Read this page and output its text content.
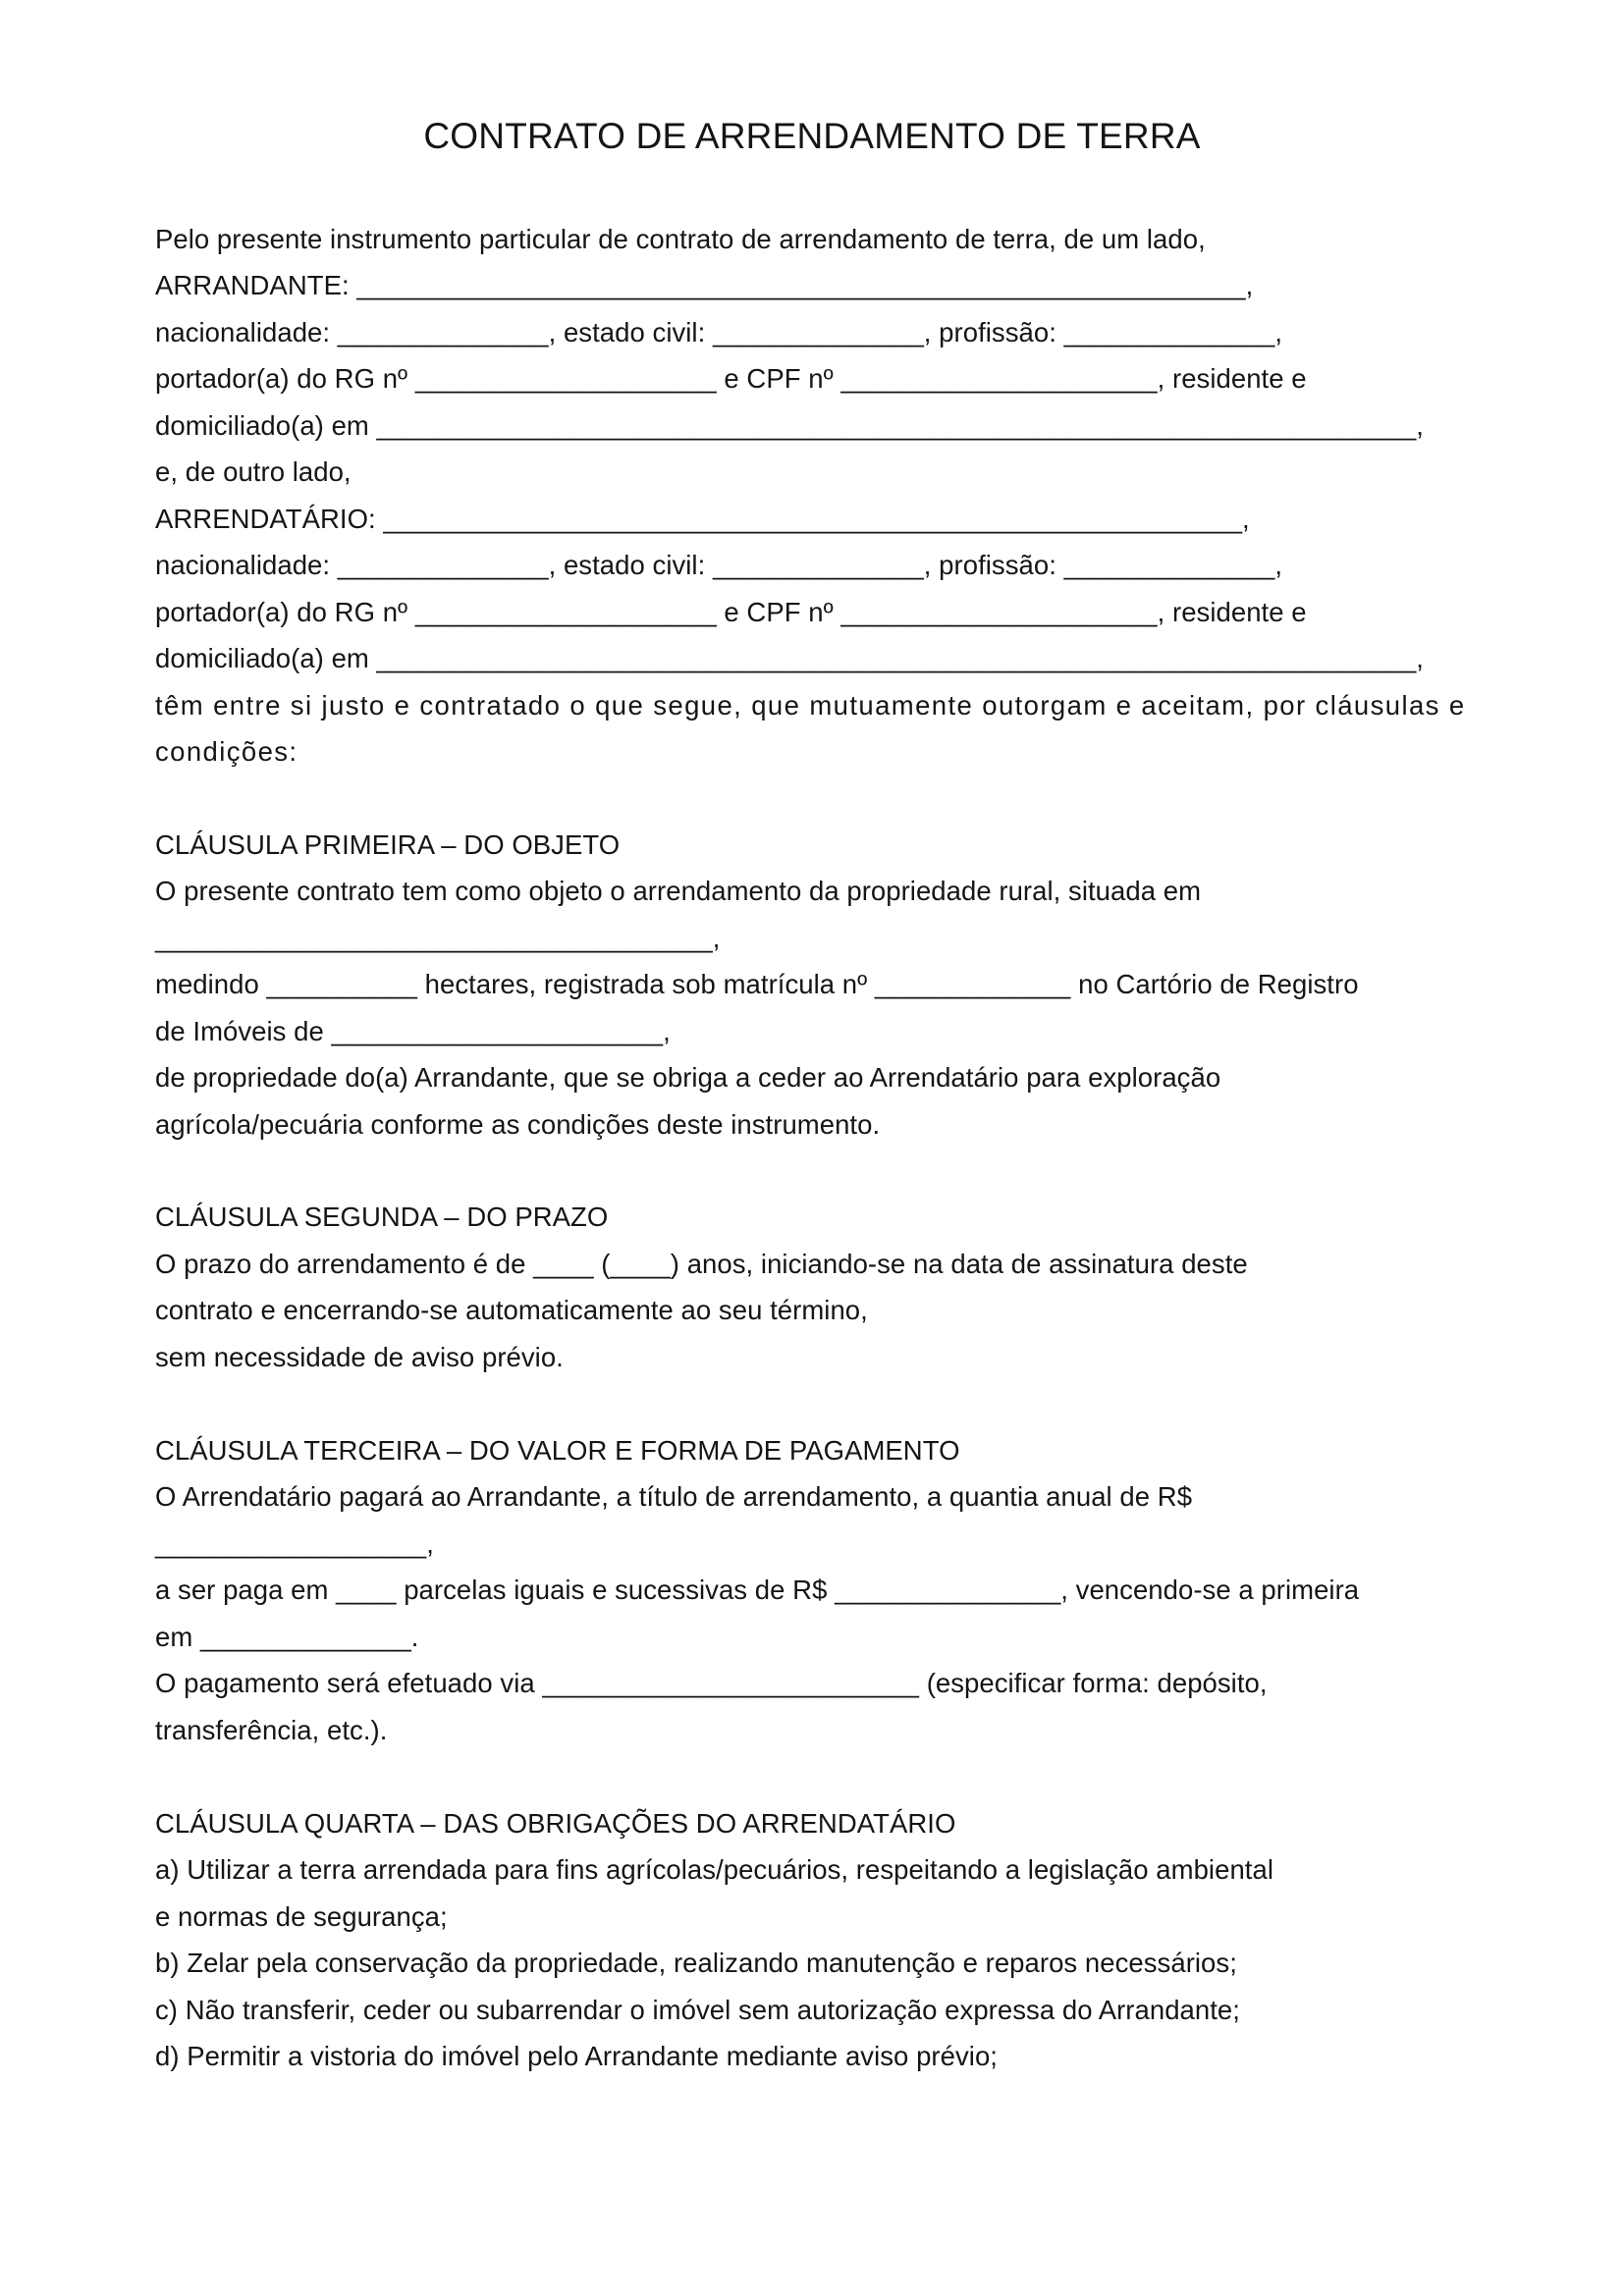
CONTRATO DE ARRENDAMENTO DE TERRA
Pelo presente instrumento particular de contrato de arrendamento de terra, de um lado,
ARRANDANTE: ___________________________________________________________,
nacionalidade: ______________, estado civil: ______________, profissão: ______________,
portador(a) do RG nº ____________________ e CPF nº _____________________, residente e
domiciliado(a) em _____________________________________________________________________,
e, de outro lado,
ARRENDATÁRIO: _________________________________________________________,
nacionalidade: ______________, estado civil: ______________, profissão: ______________,
portador(a) do RG nº ____________________ e CPF nº _____________________, residente e
domiciliado(a) em _____________________________________________________________________,
têm entre si justo e contratado o que segue, que mutuamente outorgam e aceitam, por cláusulas e
condições:
CLÁUSULA PRIMEIRA – DO OBJETO
O presente contrato tem como objeto o arrendamento da propriedade rural, situada em
_____________________________________,
medindo __________ hectares, registrada sob matrícula nº _____________ no Cartório de Registro
de Imóveis de ______________________,
de propriedade do(a) Arrandante, que se obriga a ceder ao Arrendatário para exploração
agrícola/pecuária conforme as condições deste instrumento.
CLÁUSULA SEGUNDA – DO PRAZO
O prazo do arrendamento é de ____ (____) anos, iniciando-se na data de assinatura deste
contrato e encerrando-se automaticamente ao seu término,
sem necessidade de aviso prévio.
CLÁUSULA TERCEIRA – DO VALOR E FORMA DE PAGAMENTO
O Arrendatário pagará ao Arrandante, a título de arrendamento, a quantia anual de R$
__________________,
a ser paga em ____ parcelas iguais e sucessivas de R$ _______________, vencendo-se a primeira
em ______________.
O pagamento será efetuado via _________________________ (especificar forma: depósito,
transferência, etc.).
CLÁUSULA QUARTA – DAS OBRIGAÇÕES DO ARRENDATÁRIO
a) Utilizar a terra arrendada para fins agrícolas/pecuários, respeitando a legislação ambiental
e normas de segurança;
b) Zelar pela conservação da propriedade, realizando manutenção e reparos necessários;
c) Não transferir, ceder ou subarrendar o imóvel sem autorização expressa do Arrandante;
d) Permitir a vistoria do imóvel pelo Arrandante mediante aviso prévio;
